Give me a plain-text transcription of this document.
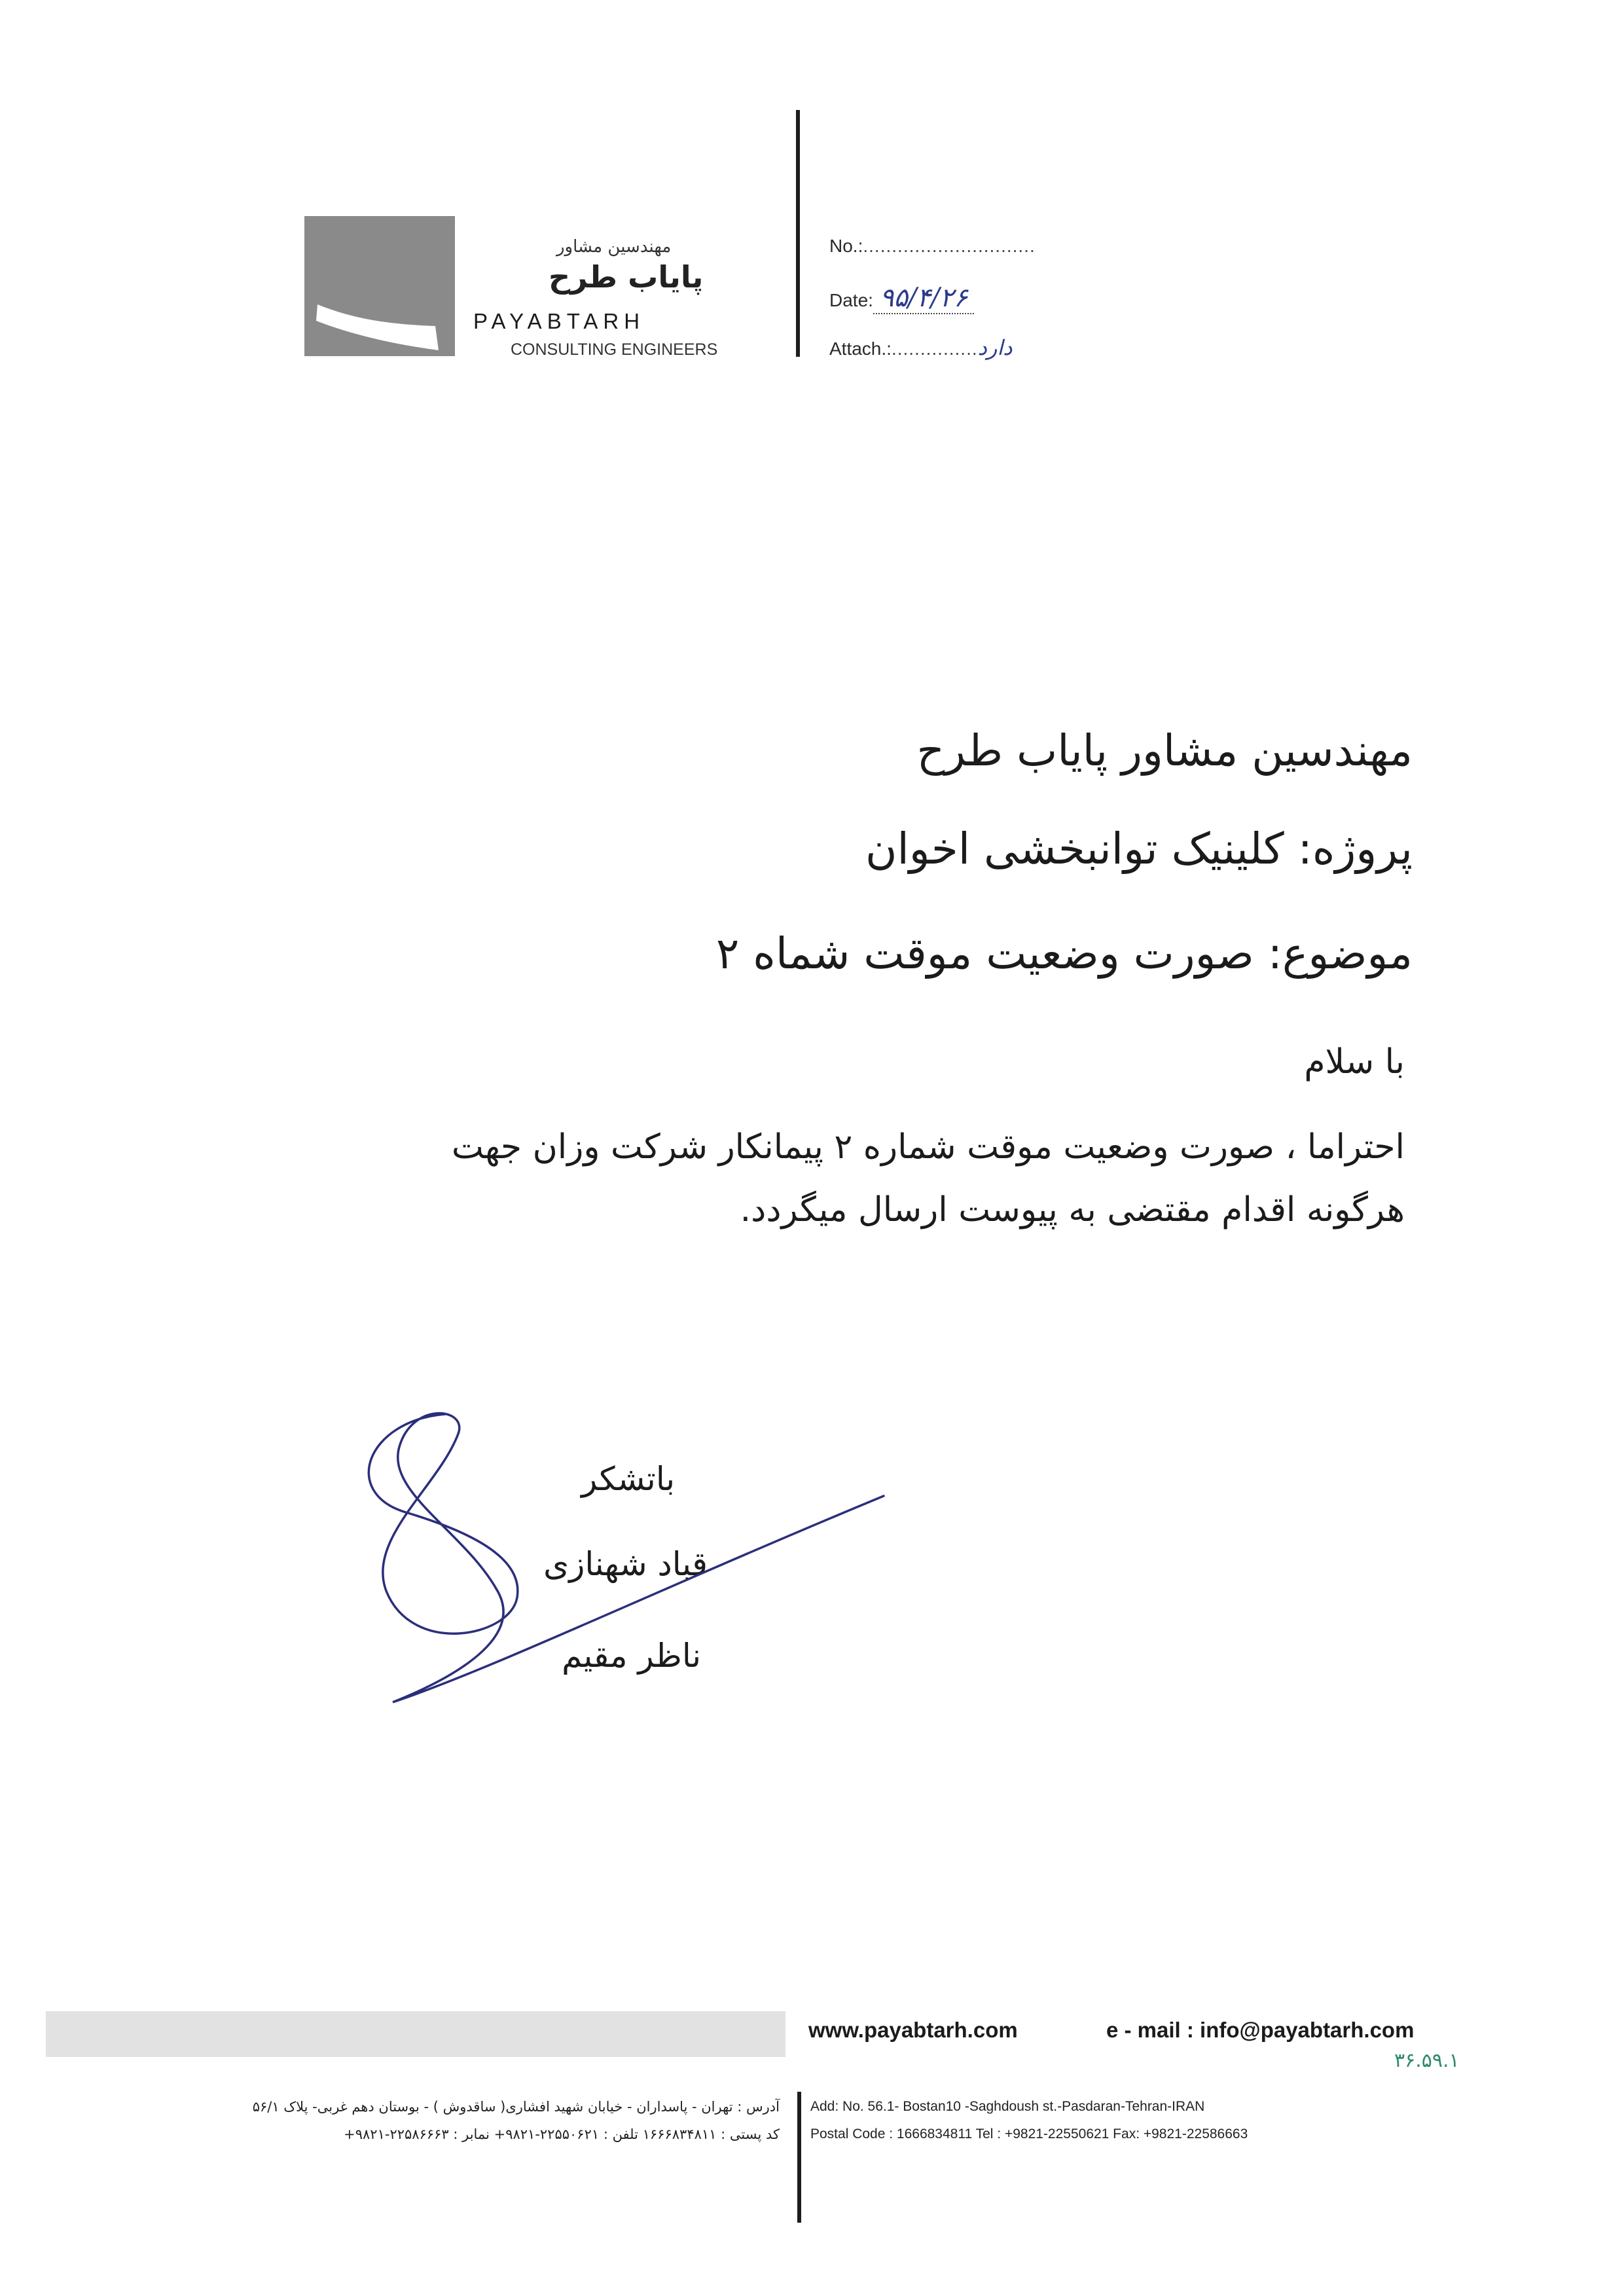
مهندسین مشاور
پایاب طرح
PAYABTARH
CONSULTING ENGINEERS
No.:..............................
Date: ۹۵/۴/۲۶
Attach.:...............دارد
مهندسین مشاور پایاب طرح
پروژه: کلینیک توانبخشی اخوان
موضوع: صورت وضعیت موقت شماه ۲
با سلام
احتراما ، صورت وضعیت موقت شماره ۲ پیمانکار شرکت وزان جهت
هرگونه اقدام مقتضی به پیوست ارسال میگردد.
باتشکر
قباد شهنازی
ناظر مقیم
www.payabtarh.com	e - mail : info@payabtarh.com
۳۶.۵۹.۱
Add: No. 56.1- Bostan10 -Saghdoush st.-Pasdaran-Tehran-IRAN
Postal Code : 1666834811 Tel : +9821-22550621 Fax: +9821-22586663
آدرس : تهران - پاسداران - خیابان شهید افشاری( ساقدوش ) - بوستان دهم غربی- پلاک ۵۶/۱
کد پستی : ۱۶۶۶۸۳۴۸۱۱ تلفن : ۲۲۵۵۰۶۲۱-۹۸۲۱+ نمابر : ۲۲۵۸۶۶۶۳-۹۸۲۱+
